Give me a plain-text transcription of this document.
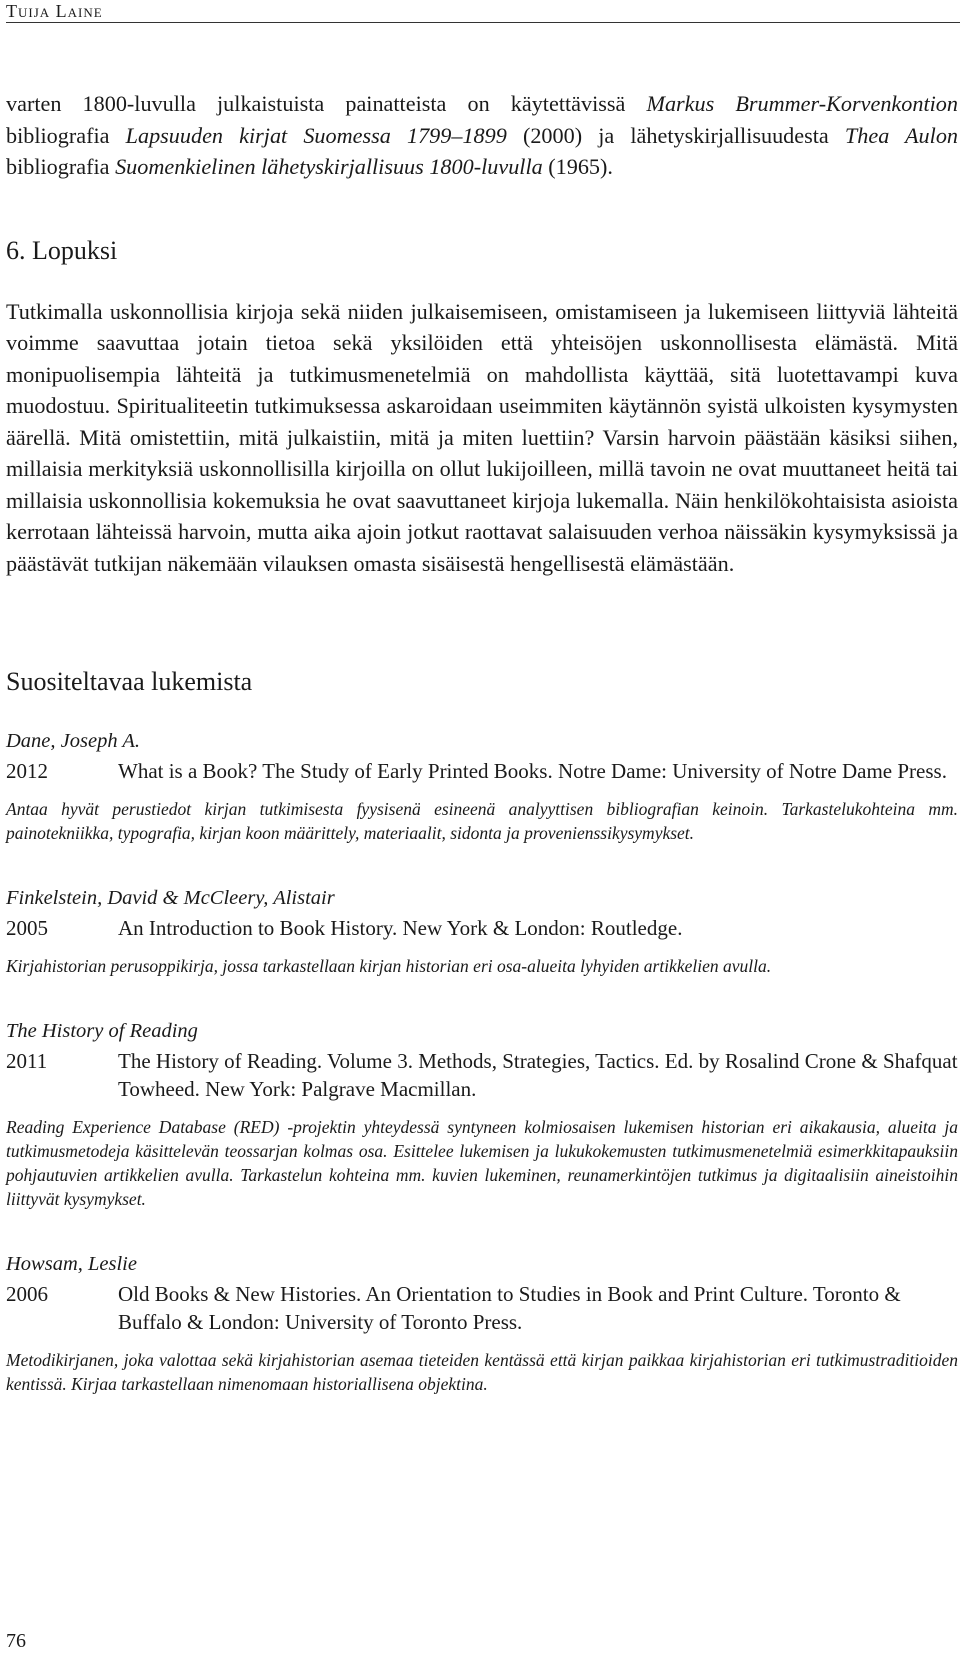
Tuija Laine

varten 1800-luvulla julkaistuista painatteista on käytettävissä Markus Brummer-Korvenkontion bibliografia Lapsuuden kirjat Suomessa 1799–1899 (2000) ja lähetyskirjallisuudesta Thea Aulon bibliografia Suomenkielinen lähetyskirjallisuus 1800-luvulla (1965).

6. Lopuksi

Tutkimalla uskonnollisia kirjoja sekä niiden julkaisemiseen, omistamiseen ja lukemiseen liittyviä lähteitä voimme saavuttaa jotain tietoa sekä yksilöiden että yhteisöjen uskonnollisesta elämästä. Mitä monipuolisempia lähteitä ja tutkimusmenetelmiä on mahdollista käyttää, sitä luotettavampi kuva muodostuu. Spiritualiteetin tutkimuksessa askaroidaan useimmiten käytännön syistä ulkoisten kysymysten äärellä. Mitä omistettiin, mitä julkaistiin, mitä ja miten luettiin? Varsin harvoin päästään käsiksi siihen, millaisia merkityksiä uskonnollisilla kirjoilla on ollut lukijoilleen, millä tavoin ne ovat muuttaneet heitä tai millaisia uskonnollisia kokemuksia he ovat saavuttaneet kirjoja lukemalla. Näin henkilökohtaisista asioista kerrotaan lähteissä harvoin, mutta aika ajoin jotkut raottavat salaisuuden verhoa näissäkin kysymyksissä ja päästävät tutkijan näkemään vilauksen omasta sisäisestä hengellisestä elämästään.

Suositeltavaa lukemista
Dane, Joseph A.
2012	What is a Book? The Study of Early Printed Books. Notre Dame: University of Notre Dame Press.

Antaa hyvät perustiedot kirjan tutkimisesta fyysisenä esineenä analyyttisen bibliografian keinoin. Tarkastelukohteina mm. painotekniikka, typografia, kirjan koon määrittely, materiaalit, sidonta ja provenienssikysymykset.

Finkelstein, David & McCleery, Alistair
2005	An Introduction to Book History. New York & London: Routledge.

Kirjahistorian perusoppikirja, jossa tarkastellaan kirjan historian eri osa-alueita lyhyiden artikkelien avulla.

The History of Reading
2011	The History of Reading. Volume 3. Methods, Strategies, Tactics. Ed. by Rosalind Crone & Shafquat Towheed. New York: Palgrave Macmillan.

Reading Experience Database (RED) -projektin yhteydessä syntyneen kolmiosaisen lukemisen historian eri aikakausia, alueita ja tutkimusmetodeja käsittelevän teossarjan kolmas osa. Esittelee lukemisen ja lukukokemusten tutkimusmenetelmiä esimerkkitapauksiin pohjautuvien artikkelien avulla. Tarkastelun kohteina mm. kuvien lukeminen, reunamerkintöjen tutkimus ja digitaalisiin aineistoihin liittyvät kysymykset.

Howsam, Leslie
2006	Old Books & New Histories. An Orientation to Studies in Book and Print Culture. Toronto & Buffalo & London: University of Toronto Press.

Metodikirjanen, joka valottaa sekä kirjahistorian asemaa tieteiden kentässä että kirjan paikkaa kirjahistorian eri tutkimustraditioiden kentissä. Kirjaa tarkastellaan nimenomaan historiallisena objektina.

76
